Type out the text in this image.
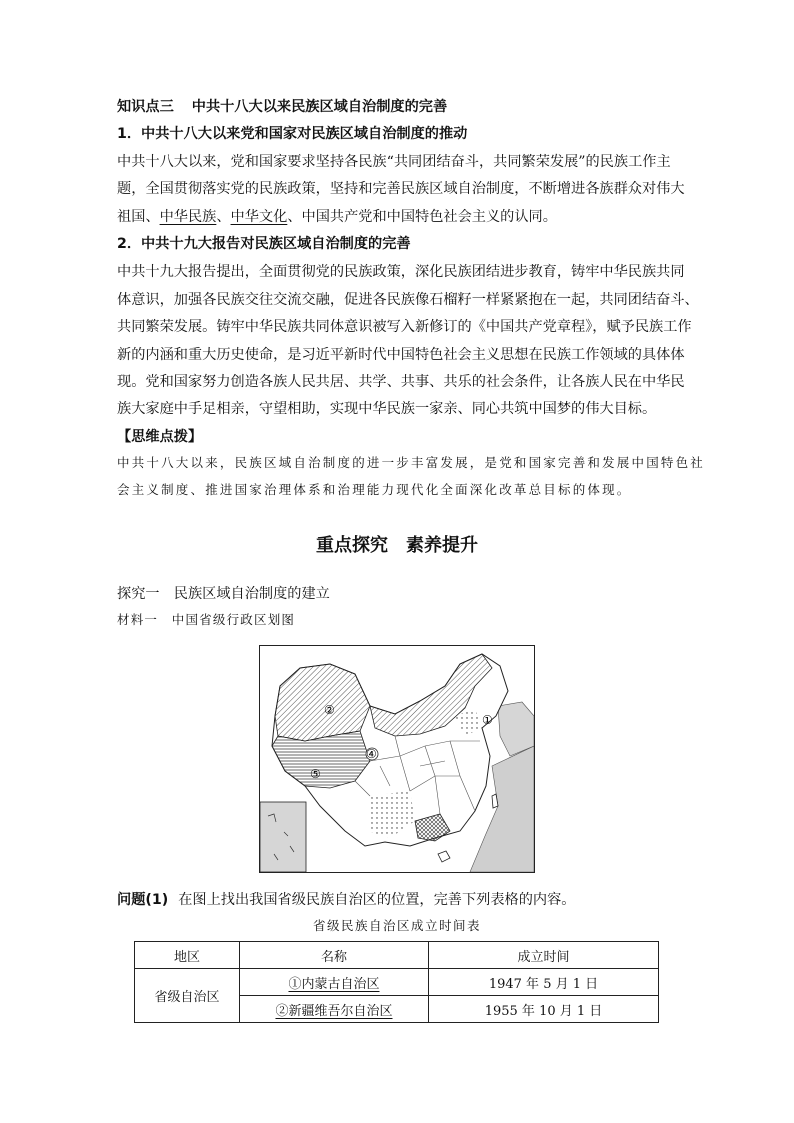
知识点三 中共十八大以来民族区域自治制度的完善
1．中共十八大以来党和国家对民族区域自治制度的推动
中共十八大以来，党和国家要求坚持各民族“共同团结奋斗，共同繁荣发展”的民族工作主
题，全国贯彻落实党的民族政策，坚持和完善民族区域自治制度，不断增进各族群众对伟大
祖国、中华民族、中华文化、中国共产党和中国特色社会主义的认同。
2．中共十九大报告对民族区域自治制度的完善
中共十九大报告提出，全面贯彻党的民族政策，深化民族团结进步教育，铸牢中华民族共同
体意识，加强各民族交往交流交融，促进各民族像石榴籽一样紧紧抱在一起，共同团结奋斗、
共同繁荣发展。铸牢中华民族共同体意识被写入新修订的《中国共产党章程》，赋予民族工作
新的内涵和重大历史使命，是习近平新时代中国特色社会主义思想在民族工作领域的具体体
现。党和国家努力创造各族人民共居、共学、共事、共乐的社会条件，让各族人民在中华民
族大家庭中手足相亲，守望相助，实现中华民族一家亲、同心共筑中国梦的伟大目标。
【思维点拨】
中共十八大以来，民族区域自治制度的进一步丰富发展，是党和国家完善和发展中国特色社
会主义制度、推进国家治理体系和治理能力现代化全面深化改革总目标的体现。
重点探究 素养提升
探究一　民族区域自治制度的建立
材料一　中国省级行政区划图
①
②
④
⑤
问题(1) 在图上找出我国省级民族自治区的位置，完善下列表格的内容。
省级民族自治区成立时间表
地区	名称	成立时间
省级自治区	①内蒙古自治区	1947 年 5 月 1 日
	②新疆维吾尔自治区	1955 年 10 月 1 日
